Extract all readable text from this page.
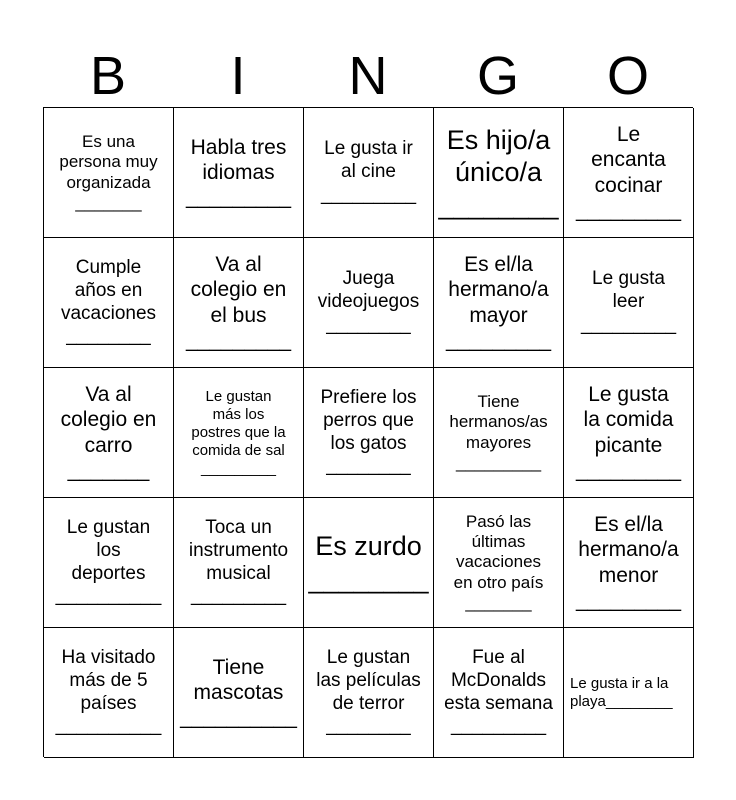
B	I	N	G	O
Es una
persona muy
organizada
_______
Habla tres
idiomas
_________
Le gusta ir
al cine
_________
Es hijo/a
único/a
________
Le
encanta
cocinar
_________
Cumple
años en
vacaciones
________
Va al
colegio en
el bus
_________
Juega
videojuegos
________
Es el/la
hermano/a
mayor
_________
Le gusta
leer
_________
Va al
colegio en
carro
_______
Le gustan
más los
postres que la
comida de sal
_________
Prefiere los
perros que
los gatos
________
Tiene
hermanos/as
mayores
_________
Le gusta
la comida
picante
_________
Le gustan
los
deportes
__________
Toca un
instrumento
musical
_________
Es zurdo
________
Pasó las
últimas
vacaciones
en otro país
_______
Es el/la
hermano/a
menor
_________
Ha visitado
más de 5
países
__________
Tiene
mascotas
__________
Le gustan
las películas
de terror
________
Fue al
McDonalds
esta semana
_________
Le gusta ir a la
playa________
